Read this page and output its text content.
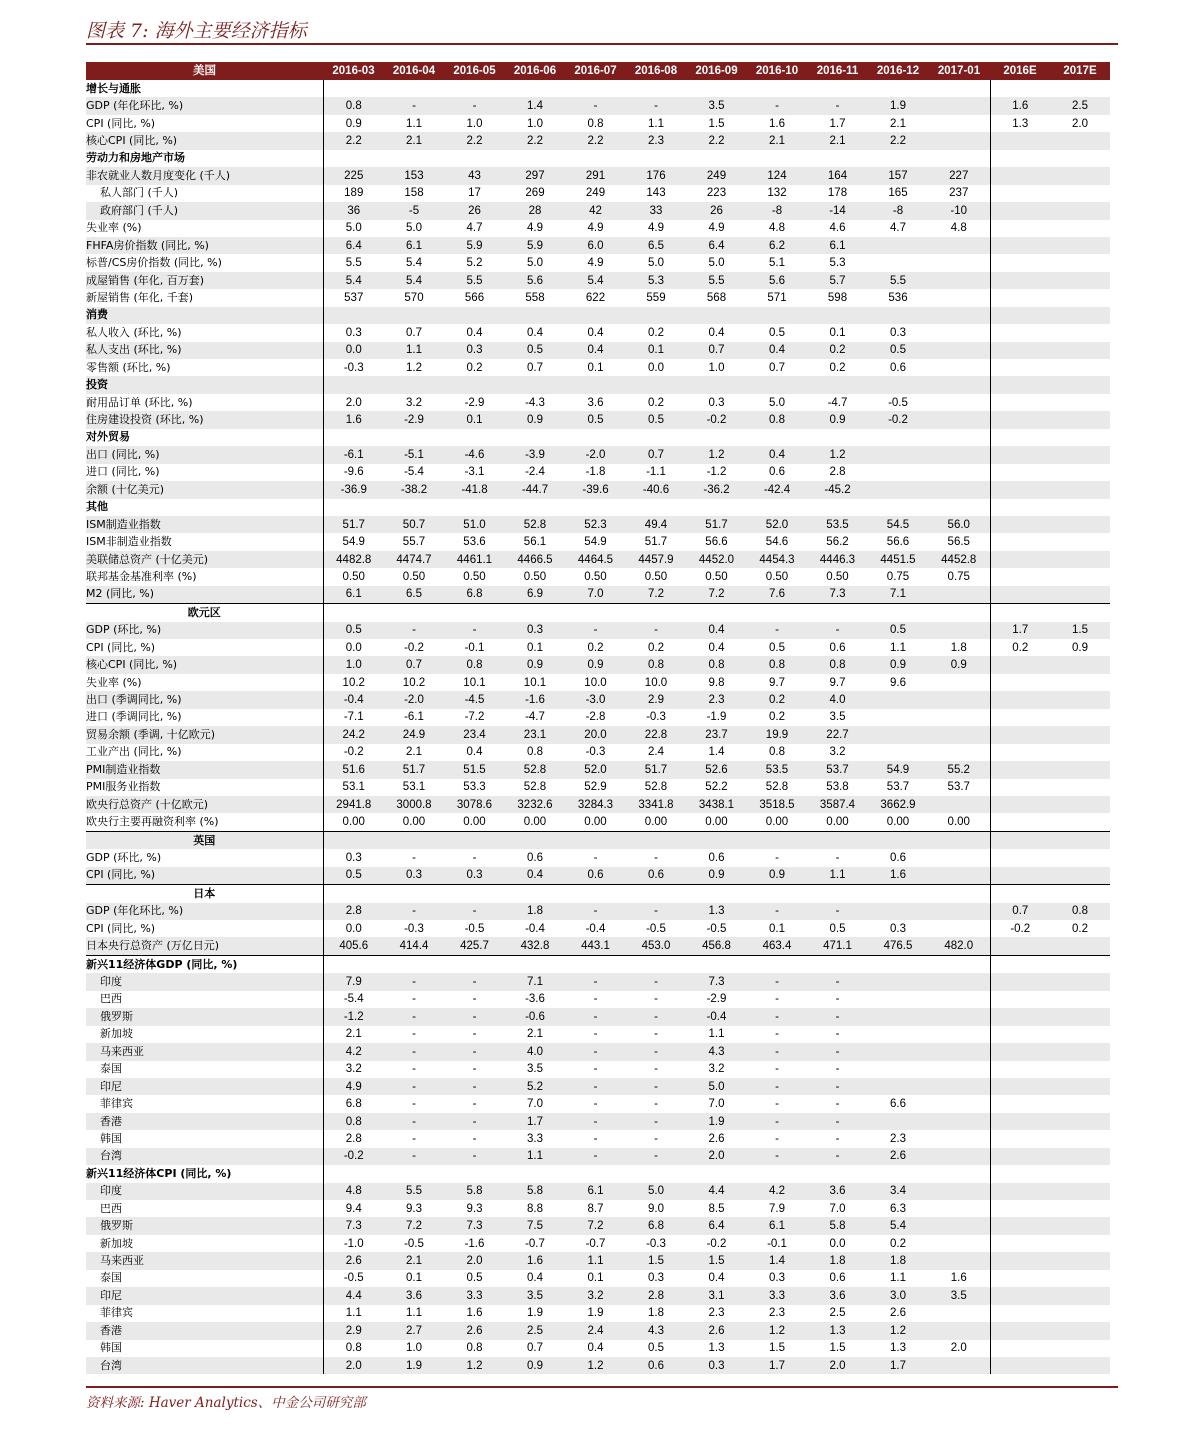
图表 7: 海外主要经济指标
美国	2016-03	2016-04	2016-05	2016-06	2016-07	2016-08	2016-09	2016-10	2016-11	2016-12	2017-01	2016E	2017E
增长与通胀													
GDP (年化环比, %)	0.8	-	-	1.4	-	-	3.5	-	-	1.9		1.6	2.5
CPI (同比, %)	0.9	1.1	1.0	1.0	0.8	1.1	1.5	1.6	1.7	2.1		1.3	2.0
核心CPI (同比, %)	2.2	2.1	2.2	2.2	2.2	2.3	2.2	2.1	2.1	2.2			
劳动力和房地产市场													
非农就业人数月度变化 (千人)	225	153	43	297	291	176	249	124	164	157	227		
私人部门 (千人)	189	158	17	269	249	143	223	132	178	165	237		
政府部门 (千人)	36	-5	26	28	42	33	26	-8	-14	-8	-10		
失业率 (%)	5.0	5.0	4.7	4.9	4.9	4.9	4.9	4.8	4.6	4.7	4.8		
FHFA房价指数 (同比, %)	6.4	6.1	5.9	5.9	6.0	6.5	6.4	6.2	6.1				
标普/CS房价指数 (同比, %)	5.5	5.4	5.2	5.0	4.9	5.0	5.0	5.1	5.3				
成屋销售 (年化, 百万套)	5.4	5.4	5.5	5.6	5.4	5.3	5.5	5.6	5.7	5.5			
新屋销售 (年化, 千套)	537	570	566	558	622	559	568	571	598	536			
消费													
私人收入 (环比, %)	0.3	0.7	0.4	0.4	0.4	0.2	0.4	0.5	0.1	0.3			
私人支出 (环比, %)	0.0	1.1	0.3	0.5	0.4	0.1	0.7	0.4	0.2	0.5			
零售额 (环比, %)	-0.3	1.2	0.2	0.7	0.1	0.0	1.0	0.7	0.2	0.6			
投资													
耐用品订单 (环比, %)	2.0	3.2	-2.9	-4.3	3.6	0.2	0.3	5.0	-4.7	-0.5			
住房建设投资 (环比, %)	1.6	-2.9	0.1	0.9	0.5	0.5	-0.2	0.8	0.9	-0.2			
对外贸易													
出口 (同比, %)	-6.1	-5.1	-4.6	-3.9	-2.0	0.7	1.2	0.4	1.2				
进口 (同比, %)	-9.6	-5.4	-3.1	-2.4	-1.8	-1.1	-1.2	0.6	2.8				
余额 (十亿美元)	-36.9	-38.2	-41.8	-44.7	-39.6	-40.6	-36.2	-42.4	-45.2				
其他													
ISM制造业指数	51.7	50.7	51.0	52.8	52.3	49.4	51.7	52.0	53.5	54.5	56.0		
ISM非制造业指数	54.9	55.7	53.6	56.1	54.9	51.7	56.6	54.6	56.2	56.6	56.5		
美联储总资产 (十亿美元)	4482.8	4474.7	4461.1	4466.5	4464.5	4457.9	4452.0	4454.3	4446.3	4451.5	4452.8		
联邦基金基准利率 (%)	0.50	0.50	0.50	0.50	0.50	0.50	0.50	0.50	0.50	0.75	0.75		
M2 (同比, %)	6.1	6.5	6.8	6.9	7.0	7.2	7.2	7.6	7.3	7.1			
欧元区													
GDP (环比, %)	0.5	-	-	0.3	-	-	0.4	-	-	0.5		1.7	1.5
CPI (同比, %)	0.0	-0.2	-0.1	0.1	0.2	0.2	0.4	0.5	0.6	1.1	1.8	0.2	0.9
核心CPI (同比, %)	1.0	0.7	0.8	0.9	0.9	0.8	0.8	0.8	0.8	0.9	0.9		
失业率 (%)	10.2	10.2	10.1	10.1	10.0	10.0	9.8	9.7	9.7	9.6			
出口 (季调同比, %)	-0.4	-2.0	-4.5	-1.6	-3.0	2.9	2.3	0.2	4.0				
进口 (季调同比, %)	-7.1	-6.1	-7.2	-4.7	-2.8	-0.3	-1.9	0.2	3.5				
贸易余额 (季调, 十亿欧元)	24.2	24.9	23.4	23.1	20.0	22.8	23.7	19.9	22.7				
工业产出 (同比, %)	-0.2	2.1	0.4	0.8	-0.3	2.4	1.4	0.8	3.2				
PMI制造业指数	51.6	51.7	51.5	52.8	52.0	51.7	52.6	53.5	53.7	54.9	55.2		
PMI服务业指数	53.1	53.1	53.3	52.8	52.9	52.8	52.2	52.8	53.8	53.7	53.7		
欧央行总资产 (十亿欧元)	2941.8	3000.8	3078.6	3232.6	3284.3	3341.8	3438.1	3518.5	3587.4	3662.9			
欧央行主要再融资利率 (%)	0.00	0.00	0.00	0.00	0.00	0.00	0.00	0.00	0.00	0.00	0.00		
英国													
GDP (环比, %)	0.3	-	-	0.6	-	-	0.6	-	-	0.6			
CPI (同比, %)	0.5	0.3	0.3	0.4	0.6	0.6	0.9	0.9	1.1	1.6			
日本													
GDP (年化环比, %)	2.8	-	-	1.8	-	-	1.3	-	-			0.7	0.8
CPI (同比, %)	0.0	-0.3	-0.5	-0.4	-0.4	-0.5	-0.5	0.1	0.5	0.3		-0.2	0.2
日本央行总资产 (万亿日元)	405.6	414.4	425.7	432.8	443.1	453.0	456.8	463.4	471.1	476.5	482.0		
新兴11经济体GDP (同比, %)													
印度	7.9	-	-	7.1	-	-	7.3	-	-				
巴西	-5.4	-	-	-3.6	-	-	-2.9	-	-				
俄罗斯	-1.2	-	-	-0.6	-	-	-0.4	-	-				
新加坡	2.1	-	-	2.1	-	-	1.1	-	-				
马来西亚	4.2	-	-	4.0	-	-	4.3	-	-				
泰国	3.2	-	-	3.5	-	-	3.2	-	-				
印尼	4.9	-	-	5.2	-	-	5.0	-	-				
菲律宾	6.8	-	-	7.0	-	-	7.0	-	-	6.6			
香港	0.8	-	-	1.7	-	-	1.9	-	-				
韩国	2.8	-	-	3.3	-	-	2.6	-	-	2.3			
台湾	-0.2	-	-	1.1	-	-	2.0	-	-	2.6			
新兴11经济体CPI (同比, %)													
印度	4.8	5.5	5.8	5.8	6.1	5.0	4.4	4.2	3.6	3.4			
巴西	9.4	9.3	9.3	8.8	8.7	9.0	8.5	7.9	7.0	6.3			
俄罗斯	7.3	7.2	7.3	7.5	7.2	6.8	6.4	6.1	5.8	5.4			
新加坡	-1.0	-0.5	-1.6	-0.7	-0.7	-0.3	-0.2	-0.1	0.0	0.2			
马来西亚	2.6	2.1	2.0	1.6	1.1	1.5	1.5	1.4	1.8	1.8			
泰国	-0.5	0.1	0.5	0.4	0.1	0.3	0.4	0.3	0.6	1.1	1.6		
印尼	4.4	3.6	3.3	3.5	3.2	2.8	3.1	3.3	3.6	3.0	3.5		
菲律宾	1.1	1.1	1.6	1.9	1.9	1.8	2.3	2.3	2.5	2.6			
香港	2.9	2.7	2.6	2.5	2.4	4.3	2.6	1.2	1.3	1.2			
韩国	0.8	1.0	0.8	0.7	0.4	0.5	1.3	1.5	1.5	1.3	2.0		
台湾	2.0	1.9	1.2	0.9	1.2	0.6	0.3	1.7	2.0	1.7			
资料来源: Haver Analytics、中金公司研究部
